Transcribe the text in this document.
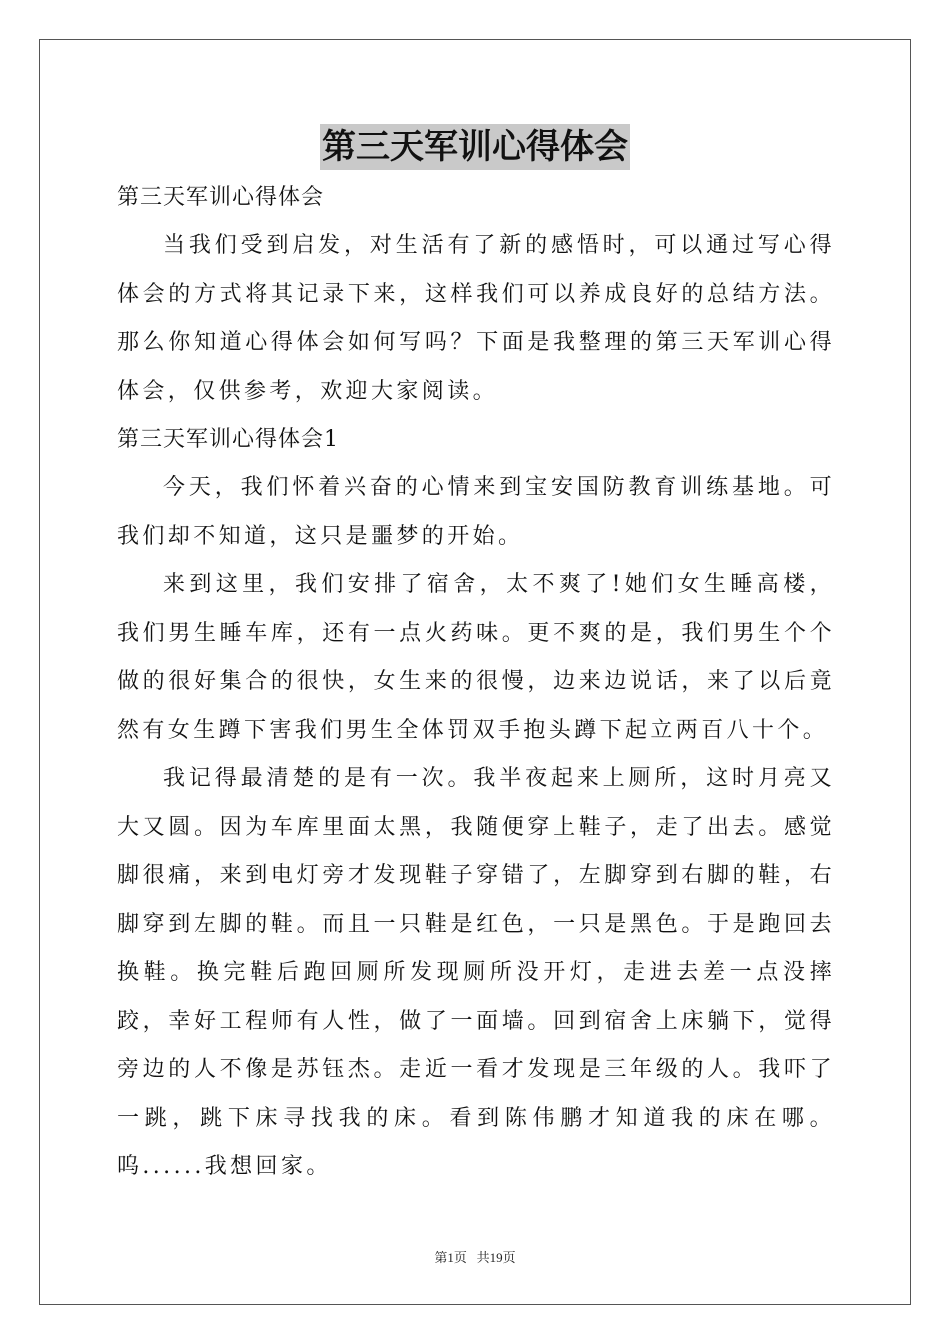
第三天军训心得体会

第三天军训心得体会

当我们受到启发，对生活有了新的感悟时，可以通过写心得体会的方式将其记录下来，这样我们可以养成良好的总结方法。那么你知道心得体会如何写吗？下面是我整理的第三天军训心得体会，仅供参考，欢迎大家阅读。

第三天军训心得体会1

今天，我们怀着兴奋的心情来到宝安国防教育训练基地。可我们却不知道，这只是噩梦的开始。

来到这里，我们安排了宿舍，太不爽了!她们女生睡高楼，我们男生睡车库，还有一点火药味。更不爽的是，我们男生个个做的很好集合的很快，女生来的很慢，边来边说话，来了以后竟然有女生蹲下害我们男生全体罚双手抱头蹲下起立两百八十个。

我记得最清楚的是有一次。我半夜起来上厕所，这时月亮又大又圆。因为车库里面太黑，我随便穿上鞋子，走了出去。感觉脚很痛，来到电灯旁才发现鞋子穿错了，左脚穿到右脚的鞋，右脚穿到左脚的鞋。而且一只鞋是红色，一只是黑色。于是跑回去换鞋。换完鞋后跑回厕所发现厕所没开灯，走进去差一点没摔跤，幸好工程师有人性，做了一面墙。回到宿舍上床躺下，觉得旁边的人不像是苏钰杰。走近一看才发现是三年级的人。我吓了一跳，跳下床寻找我的床。看到陈伟鹏才知道我的床在哪。呜......我想回家。

第1页 共19页
